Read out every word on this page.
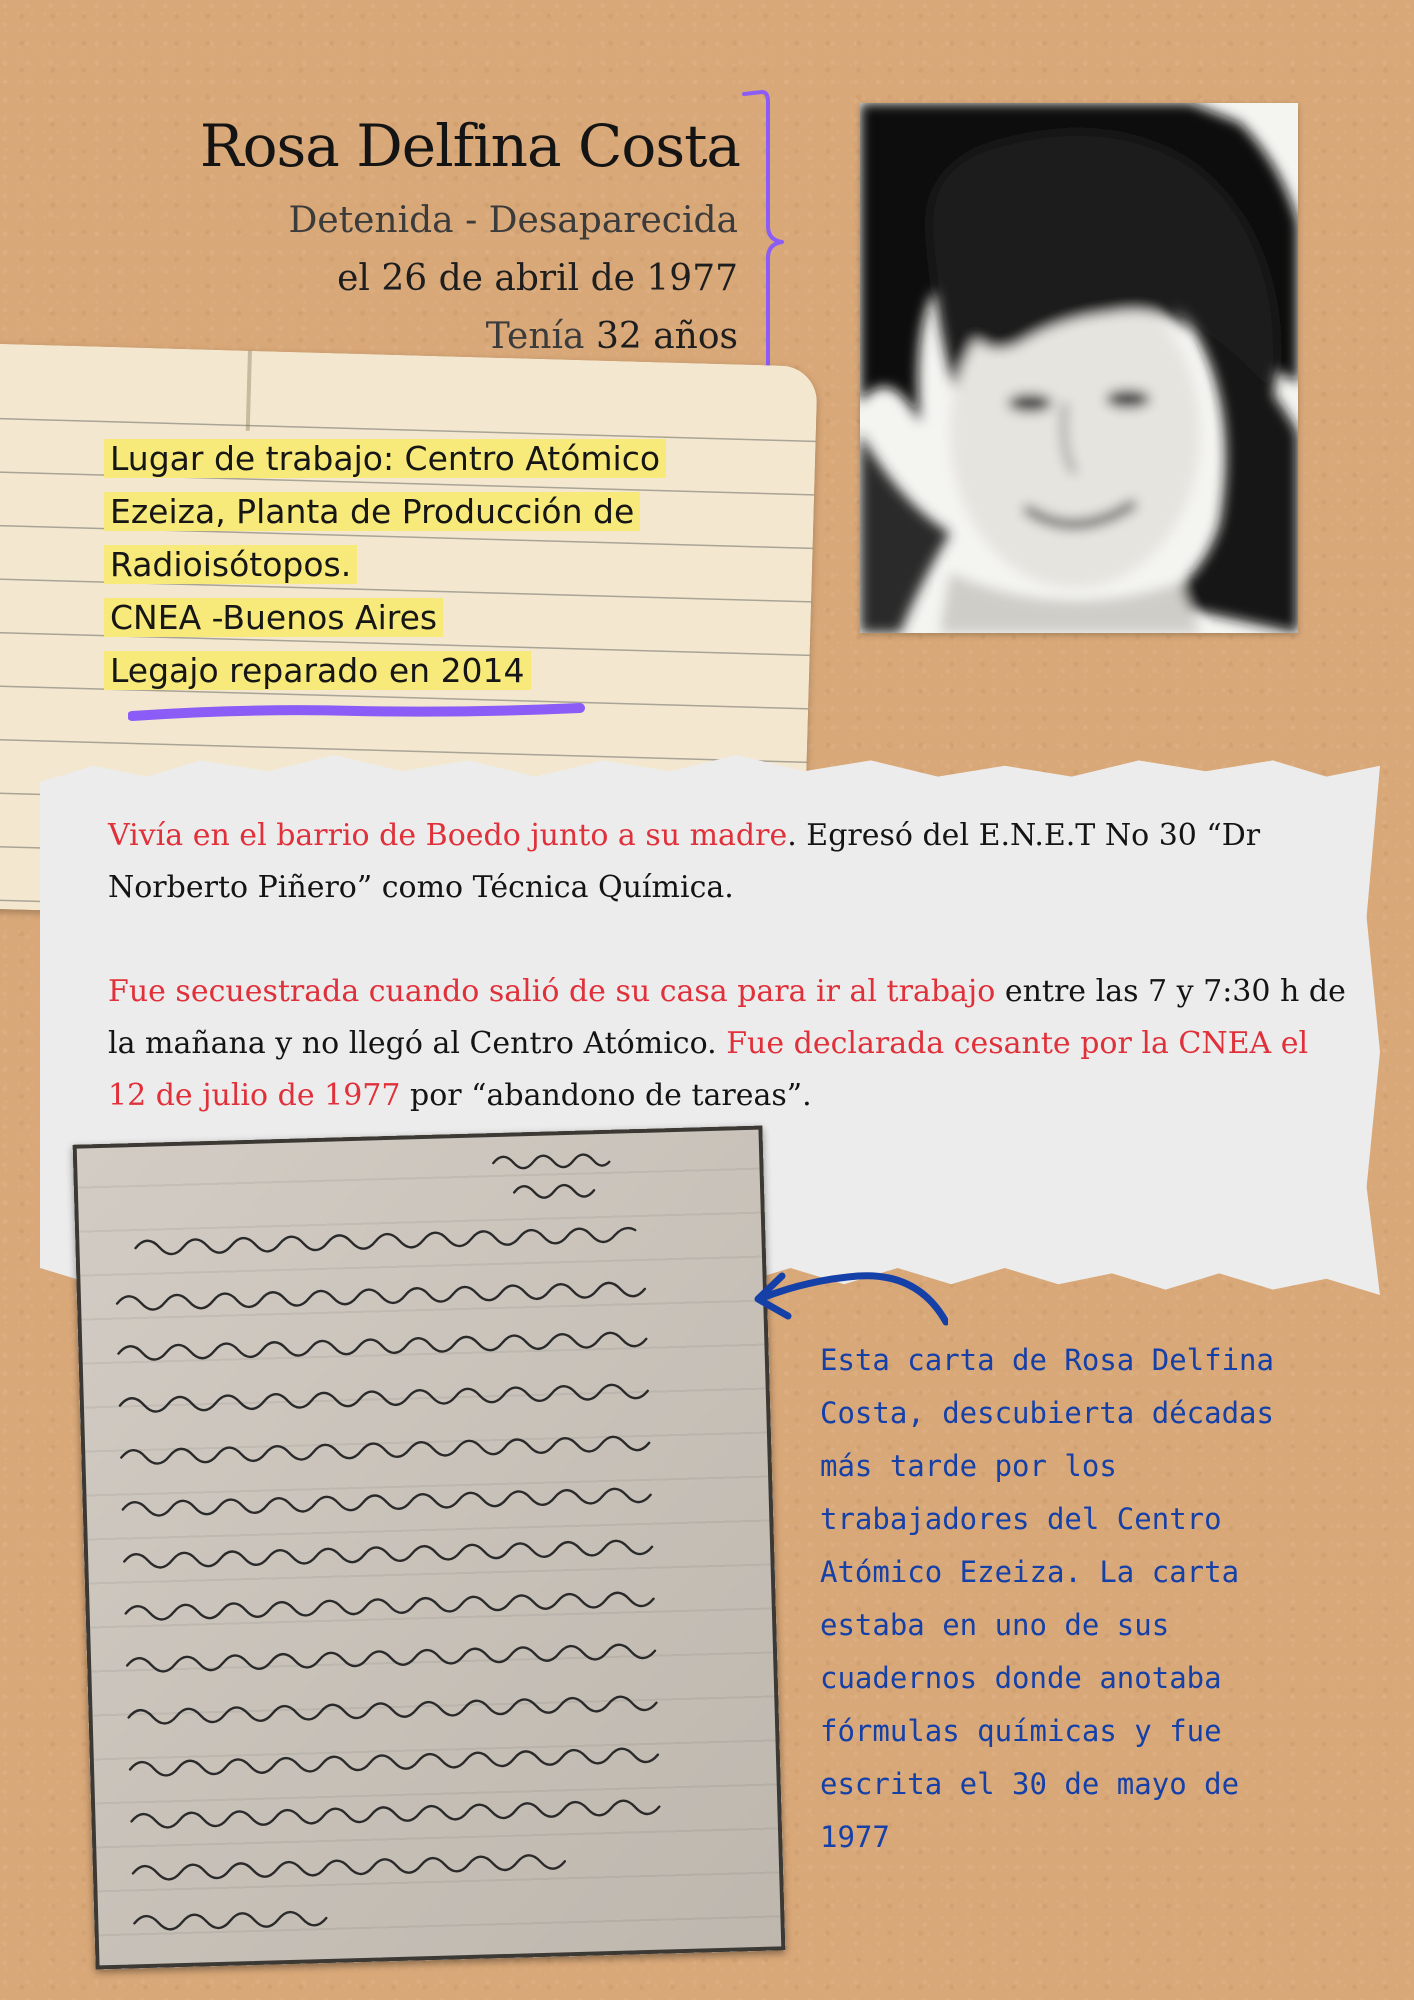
Rosa Delfina Costa
Detenida - Desaparecida
el 26 de abril de 1977
Tenía 32 años
Lugar de trabajo: Centro Atómico
Ezeiza, Planta de Producción de
Radioisótopos.
CNEA -Buenos Aires
Legajo reparado en 2014

Vivía en el barrio de Boedo junto a su madre. Egresó del E.N.E.T No 30 “Dr Norberto Piñero” como Técnica Química.

Fue secuestrada cuando salió de su casa para ir al trabajo entre las 7 y 7:30 h de la mañana y no llegó al Centro Atómico. Fue declarada cesante por la CNEA el 12 de julio de 1977 por “abandono de tareas”.

Esta carta de Rosa Delfina Costa, descubierta décadas más tarde por los trabajadores del Centro Atómico Ezeiza. La carta estaba en uno de sus cuadernos donde anotaba fórmulas químicas y fue escrita el 30 de mayo de 1977
